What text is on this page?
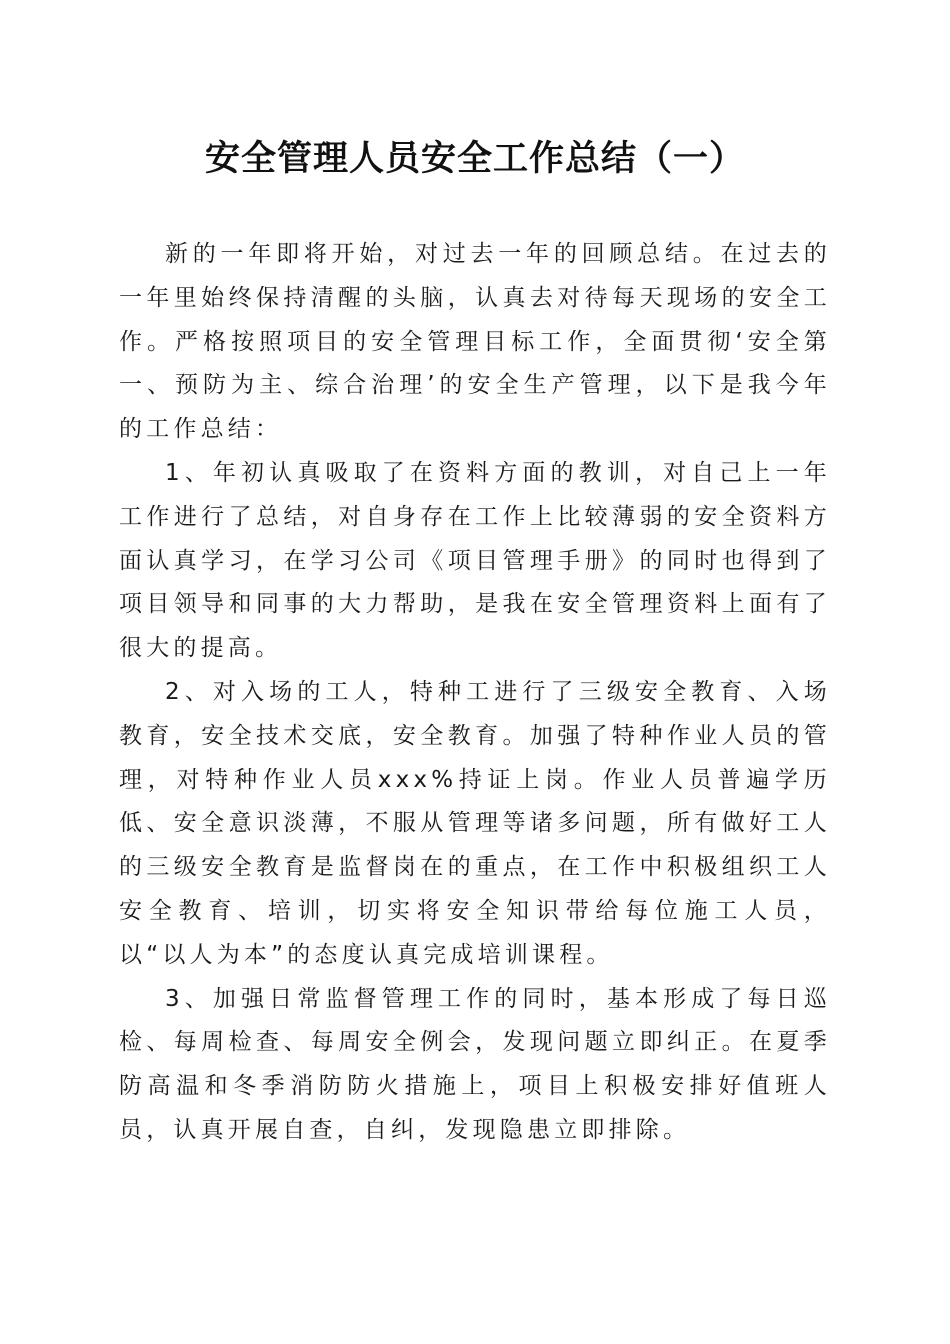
安全管理人员安全工作总结（一）

新的一年即将开始，对过去一年的回顾总结。在过去的一年里始终保持清醒的头脑，认真去对待每天现场的安全工作。严格按照项目的安全管理目标工作，全面贯彻‘安全第一、预防为主、综合治理’的安全生产管理，以下是我今年的工作总结：

1、年初认真吸取了在资料方面的教训，对自己上一年工作进行了总结，对自身存在工作上比较薄弱的安全资料方面认真学习，在学习公司《项目管理手册》的同时也得到了项目领导和同事的大力帮助，是我在安全管理资料上面有了很大的提高。

2、对入场的工人，特种工进行了三级安全教育、入场教育，安全技术交底，安全教育。加强了特种作业人员的管理，对特种作业人员xxx%持证上岗。作业人员普遍学历低、安全意识淡薄，不服从管理等诸多问题，所有做好工人的三级安全教育是监督岗在的重点，在工作中积极组织工人安全教育、培训，切实将安全知识带给每位施工人员，以“以人为本”的态度认真完成培训课程。

3、加强日常监督管理工作的同时，基本形成了每日巡检、每周检查、每周安全例会，发现问题立即纠正。在夏季防高温和冬季消防防火措施上，项目上积极安排好值班人员，认真开展自查，自纠，发现隐患立即排除。
